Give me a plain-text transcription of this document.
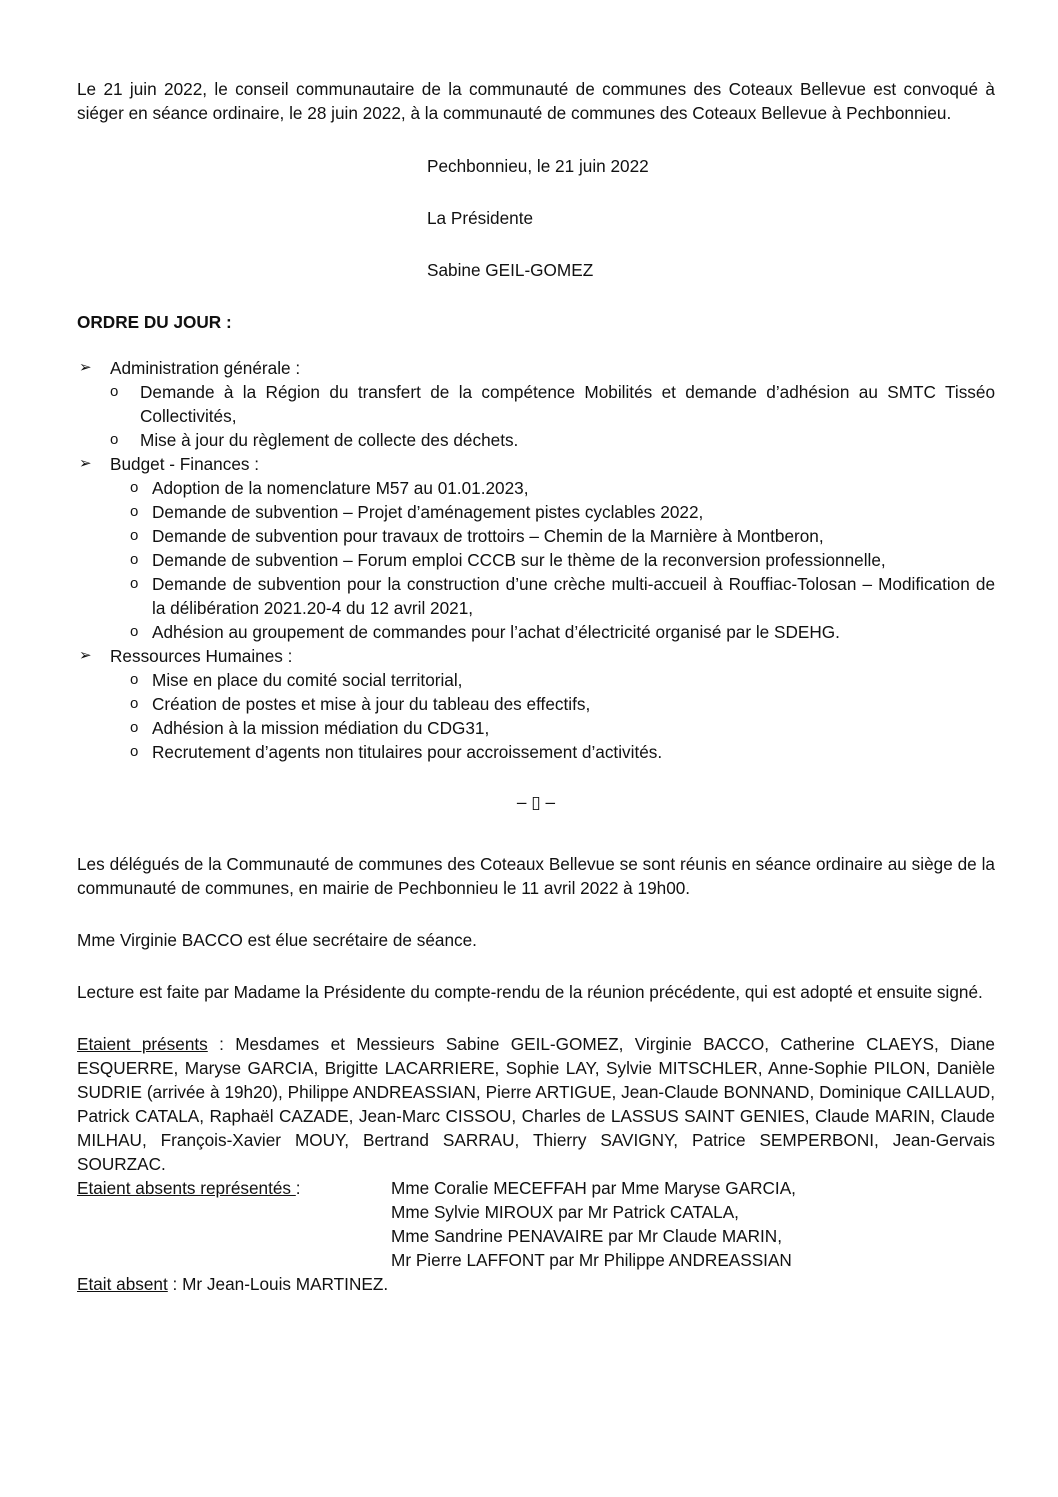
Le 21 juin 2022, le conseil communautaire de la communauté de communes des Coteaux Bellevue est convoqué à siéger en séance ordinaire, le 28 juin 2022, à la communauté de communes des Coteaux Bellevue à Pechbonnieu.

Pechbonnieu, le 21 juin 2022

La Présidente

Sabine GEIL-GOMEZ

ORDRE DU JOUR :

➢ Administration générale :
o Demande à la Région du transfert de la compétence Mobilités et demande d’adhésion au SMTC Tisséo Collectivités,
o Mise à jour du règlement de collecte des déchets.
➢ Budget - Finances :
o Adoption de la nomenclature M57 au 01.01.2023,
o Demande de subvention – Projet d’aménagement pistes cyclables 2022,
o Demande de subvention pour travaux de trottoirs – Chemin de la Marnière à Montberon,
o Demande de subvention – Forum emploi CCCB sur le thème de la reconversion professionnelle,
o Demande de subvention pour la construction d’une crèche multi-accueil à Rouffiac-Tolosan – Modification de la délibération 2021.20-4 du 12 avril 2021,
o Adhésion au groupement de commandes pour l’achat d’électricité organisé par le SDEHG.
➢ Ressources Humaines :
o Mise en place du comité social territorial,
o Création de postes et mise à jour du tableau des effectifs,
o Adhésion à la mission médiation du CDG31,
o Recrutement d’agents non titulaires pour accroissement d’activités.

– ▯ –

Les délégués de la Communauté de communes des Coteaux Bellevue se sont réunis en séance ordinaire au siège de la communauté de communes, en mairie de Pechbonnieu le 11 avril 2022 à 19h00.

Mme Virginie BACCO est élue secrétaire de séance.

Lecture est faite par Madame la Présidente du compte-rendu de la réunion précédente, qui est adopté et ensuite signé.

Etaient présents : Mesdames et Messieurs Sabine GEIL-GOMEZ, Virginie BACCO, Catherine CLAEYS, Diane ESQUERRE, Maryse GARCIA, Brigitte LACARRIERE, Sophie LAY, Sylvie MITSCHLER, Anne-Sophie PILON, Danièle SUDRIE (arrivée à 19h20), Philippe ANDREASSIAN, Pierre ARTIGUE, Jean-Claude BONNAND, Dominique CAILLAUD, Patrick CATALA, Raphaël CAZADE, Jean-Marc CISSOU, Charles de LASSUS SAINT GENIES, Claude MARIN, Claude MILHAU, François-Xavier MOUY, Bertrand SARRAU, Thierry SAVIGNY, Patrice SEMPERBONI, Jean-Gervais SOURZAC.

Etaient absents représentés :	Mme Coralie MECEFFAH par Mme Maryse GARCIA,
Mme Sylvie MIROUX par Mr Patrick CATALA,
Mme Sandrine PENAVAIRE par Mr Claude MARIN,
Mr Pierre LAFFONT par Mr Philippe ANDREASSIAN

Etait absent : Mr Jean-Louis MARTINEZ.
